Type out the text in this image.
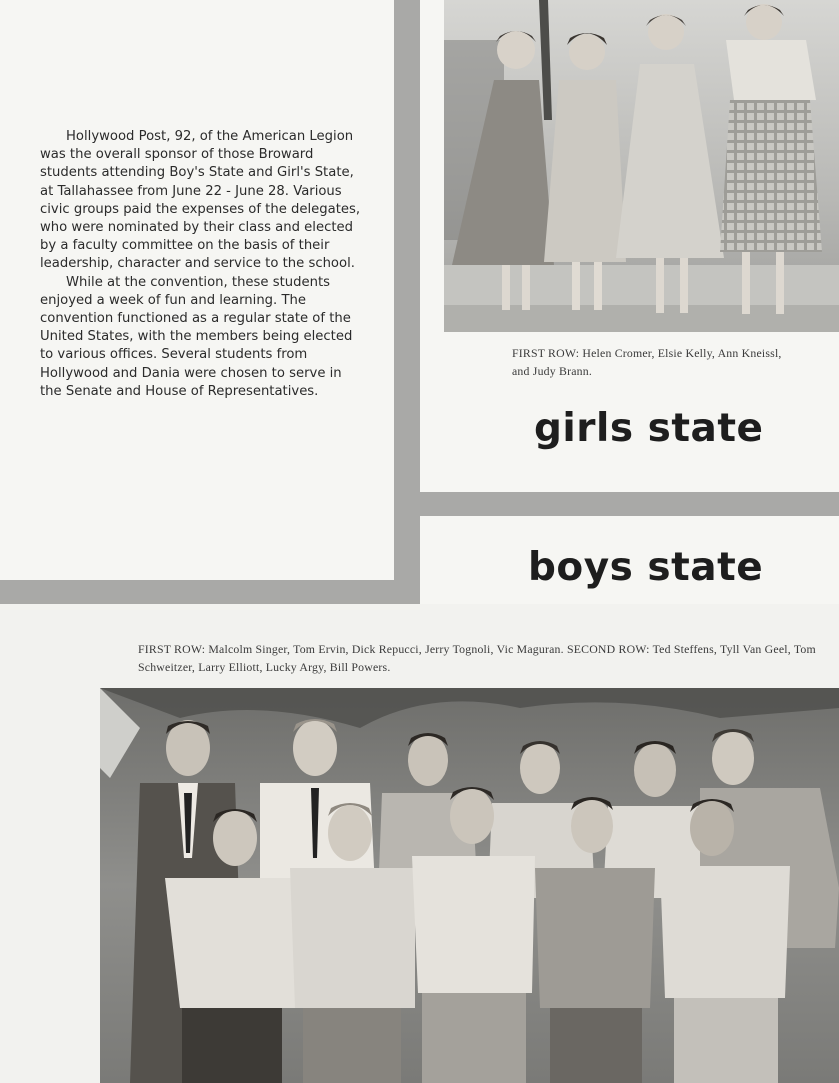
Hollywood Post, 92, of the American Legion was the overall sponsor of those Broward students attending Boy's State and Girl's State, at Tallahassee from June 22 - June 28. Various civic groups paid the expenses of the delegates, who were nominated by their class and elected by a faculty committee on the basis of their leadership, character and service to the school.

While at the convention, these students enjoyed a week of fun and learning. The convention functioned as a regular state of the United States, with the members being elected to various offices. Several students from Hollywood and Dania were chosen to serve in the Senate and House of Representatives.

FIRST ROW: Helen Cromer, Elsie Kelly, Ann Kneissl, and Judy Brann.
girls state
boys state
FIRST ROW: Malcolm Singer, Tom Ervin, Dick Repucci, Jerry Tognoli, Vic Maguran. SECOND ROW: Ted Steffens, Tyll Van Geel, Tom Schweitzer, Larry Elliott, Lucky Argy, Bill Powers.
